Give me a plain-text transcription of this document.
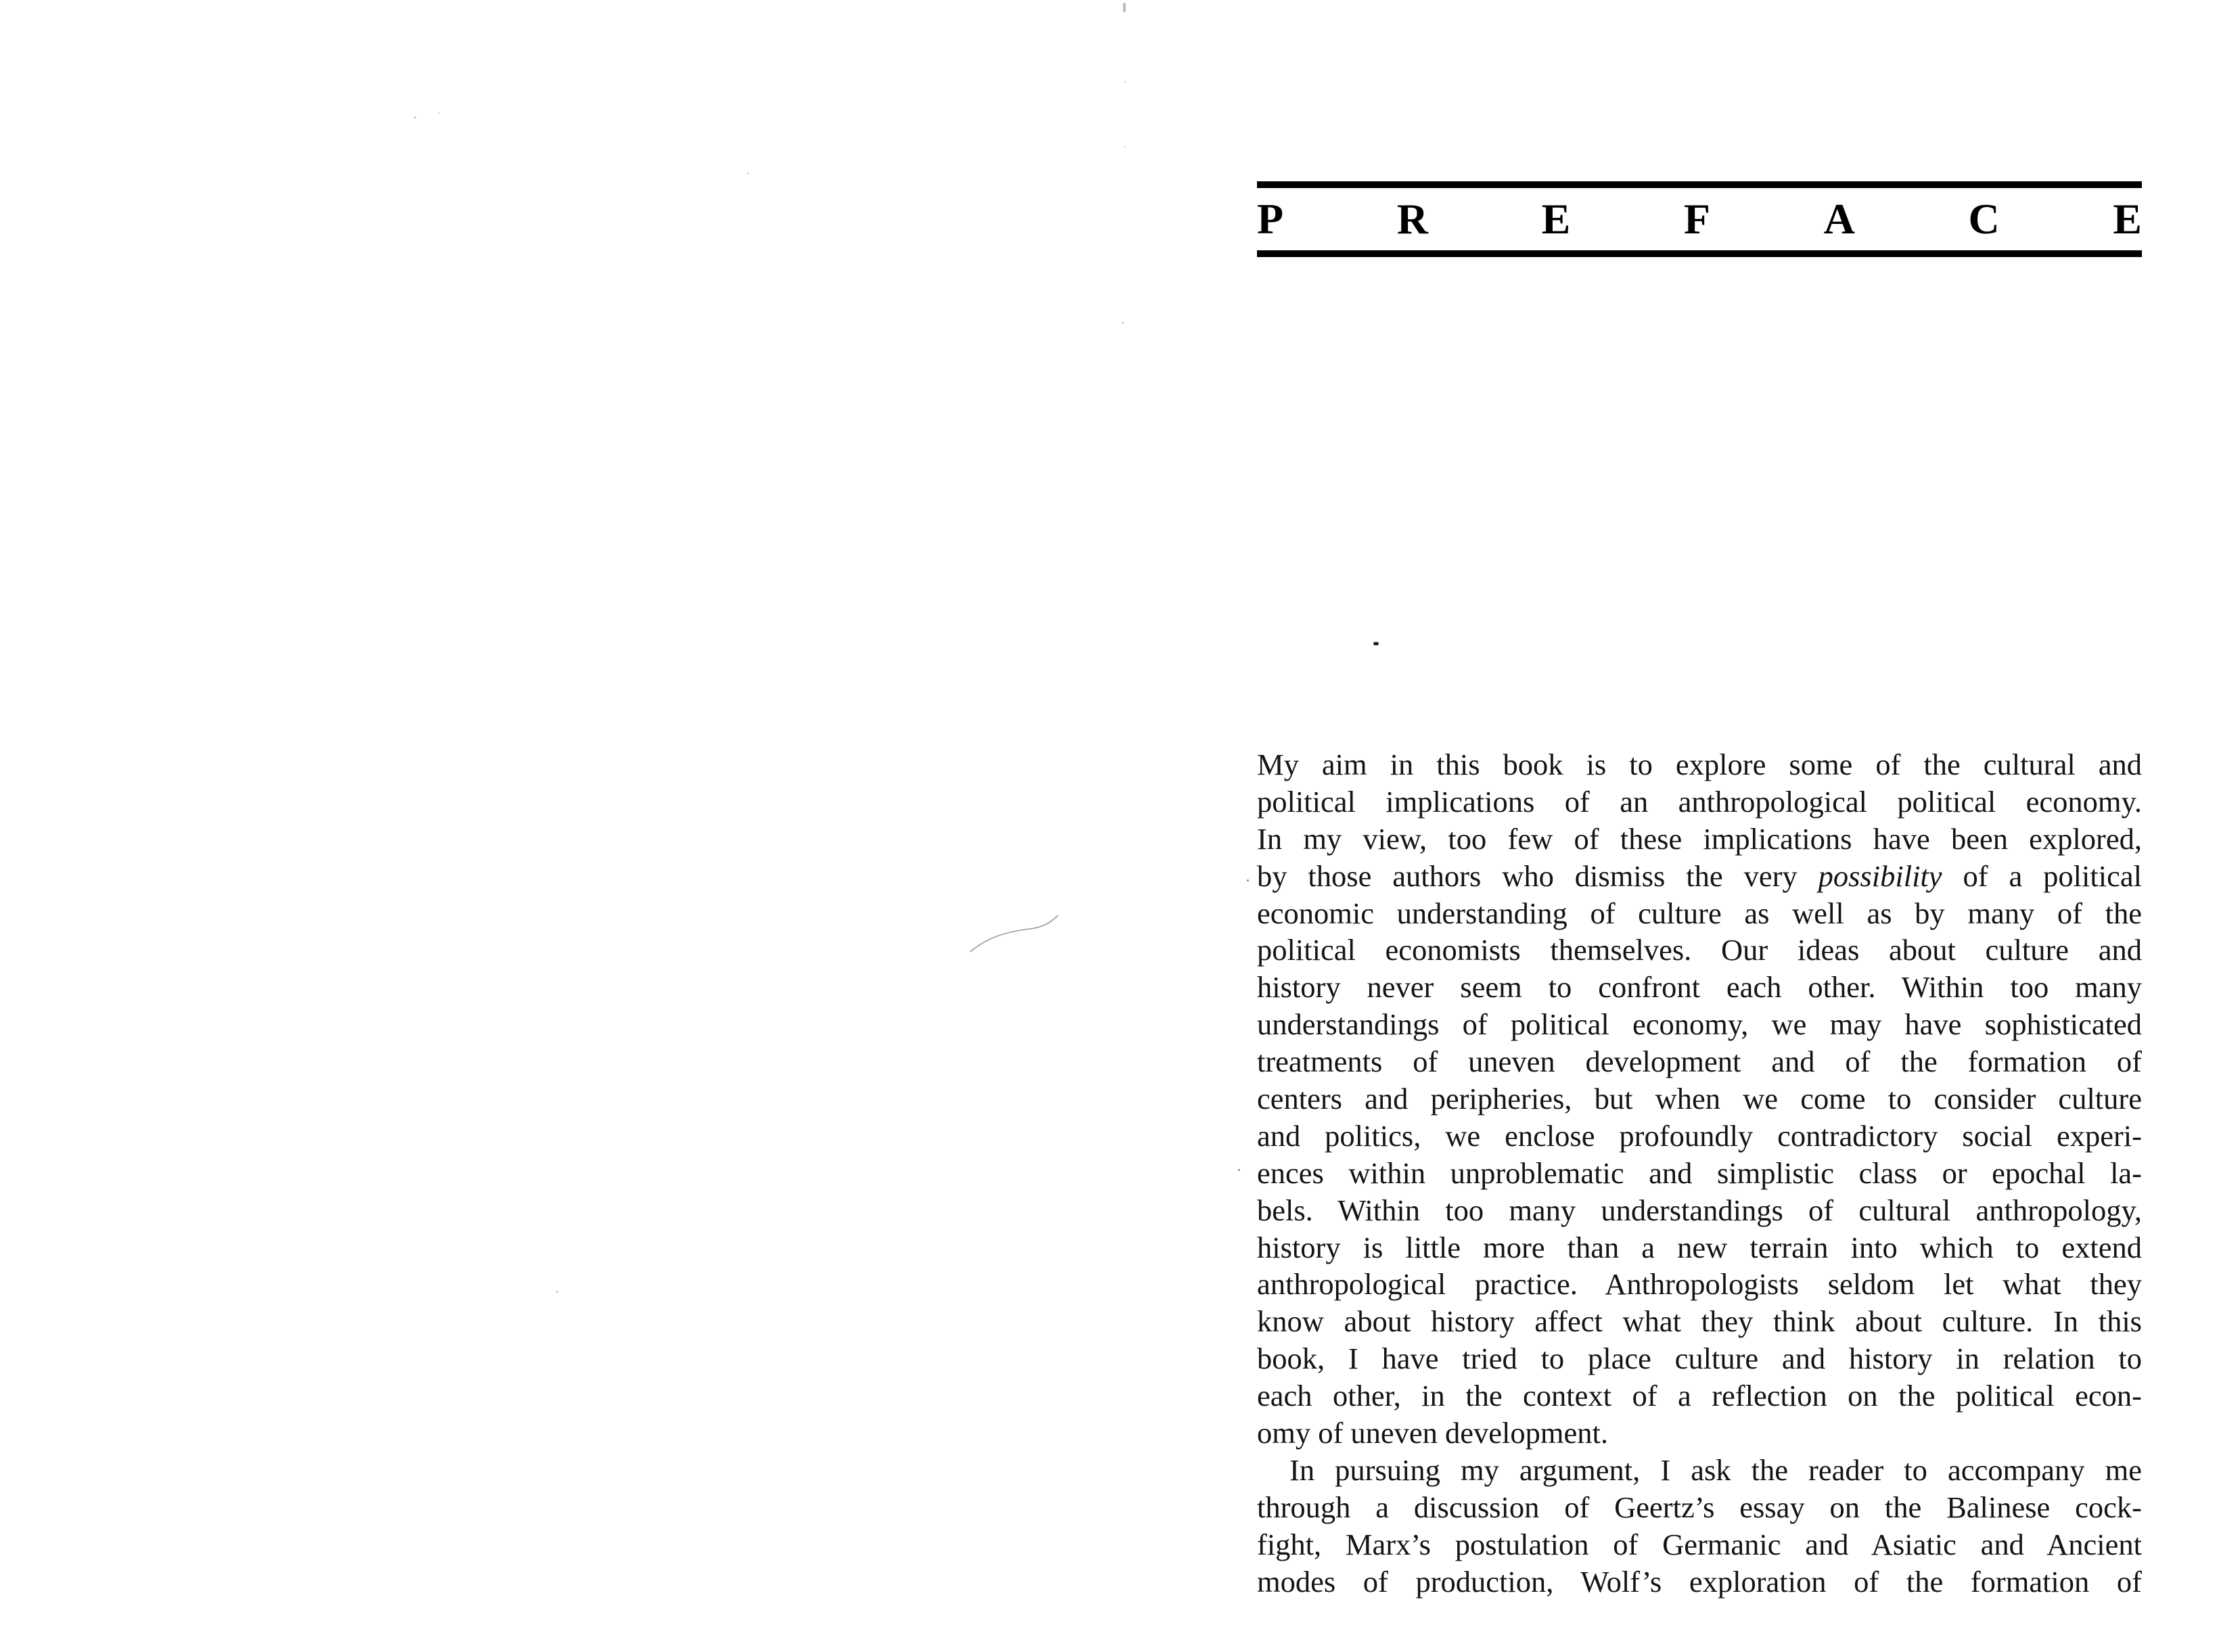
P	R	E	F	A	C	E
My aim in this book is to explore some of the cultural and
political implications of an anthropological political economy.
In my view, too few of these implications have been explored,
by those authors who dismiss the very possibility of a political
economic understanding of culture as well as by many of the
political economists themselves. Our ideas about culture and
history never seem to confront each other. Within too many
understandings of political economy, we may have sophisticated
treatments of uneven development and of the formation of
centers and peripheries, but when we come to consider culture
and politics, we enclose profoundly contradictory social experi-
ences within unproblematic and simplistic class or epochal la-
bels. Within too many understandings of cultural anthropology,
history is little more than a new terrain into which to extend
anthropological practice. Anthropologists seldom let what they
know about history affect what they think about culture. In this
book, I have tried to place culture and history in relation to
each other, in the context of a reflection on the political econ-
omy of uneven development.
In pursuing my argument, I ask the reader to accompany me
through a discussion of Geertz’s essay on the Balinese cock-
fight, Marx’s postulation of Germanic and Asiatic and Ancient
modes of production, Wolf’s exploration of the formation of
